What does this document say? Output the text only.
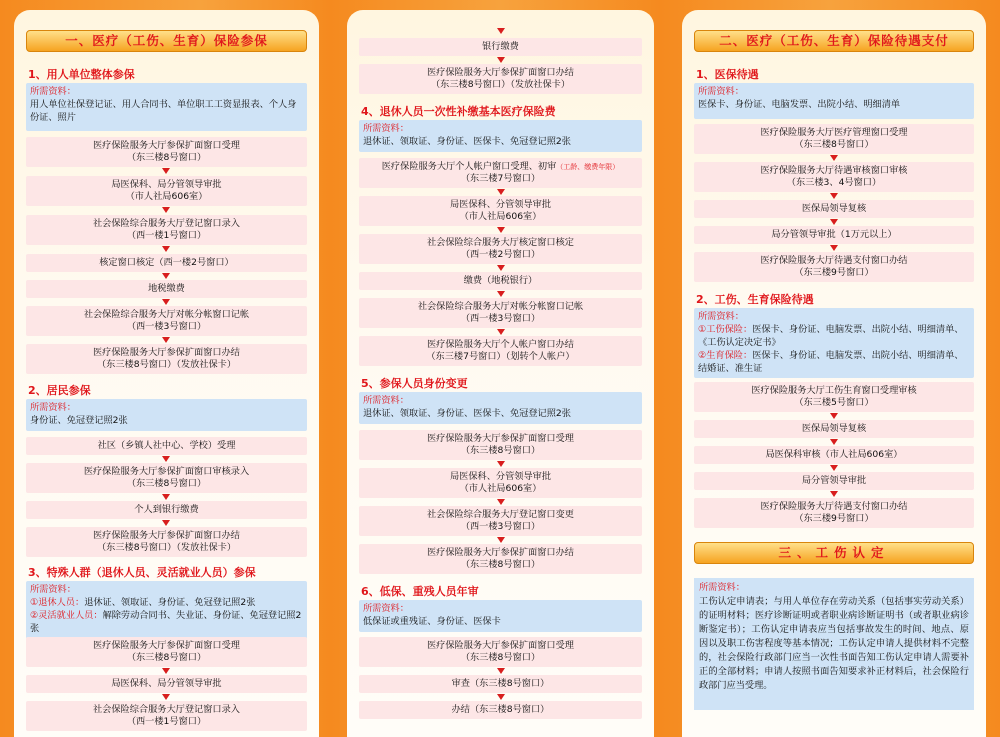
一、医疗（工伤、生育）保险参保
1、用人单位整体参保
所需资料：
用人单位社保登记证、用人合同书、单位职工工资显报表、个人身份证、照片
医疗保险服务大厅参保扩面窗口受理
（东三楼8号窗口）
局医保科、局分管领导审批
（市人社局606室）
社会保险综合服务大厅登记窗口录入
（西一楼1号窗口）
核定窗口核定（西一楼2号窗口）
地税缴费
社会保险综合服务大厅对帐分帐窗口记帐
（西一楼3号窗口）
医疗保险服务大厅参保扩面窗口办结
（东三楼8号窗口）（发放社保卡）
2、居民参保
所需资料：
身份证、免冠登记照2张
社区（乡镇人社中心、学校）受理
医疗保险服务大厅参保扩面窗口审核录入
（东三楼8号窗口）
个人到银行缴费
医疗保险服务大厅参保扩面窗口办结
（东三楼8号窗口）（发放社保卡）
3、特殊人群（退休人员、灵活就业人员）参保
所需资料：
①退休人员：退休证、领取证、身份证、免冠登记照2张
②灵活就业人员：解除劳动合同书、失业证、身份证、免冠登记照2张
医疗保险服务大厅参保扩面窗口受理
（东三楼8号窗口）
局医保科、局分管领导审批
社会保险综合服务大厅登记窗口录入
（西一楼1号窗口）
银行缴费
医疗保险服务大厅参保扩面窗口办结
（东三楼8号窗口）（发放社保卡）
4、退休人员一次性补缴基本医疗保险费
所需资料：
退休证、领取证、身份证、医保卡、免冠登记照2张
医疗保险服务大厅个人帐户窗口受理、初审（工龄、缴费年限）
（东三楼7号窗口）
局医保科、分管领导审批
（市人社局606室）
社会保险综合服务大厅核定窗口核定
（西一楼2号窗口）
缴费（地税银行）
社会保险综合服务大厅对帐分帐窗口记帐
（西一楼3号窗口）
医疗保险服务大厅个人帐户窗口办结
（东三楼7号窗口）（划转个人帐户）
5、参保人员身份变更
所需资料：
退休证、领取证、身份证、医保卡、免冠登记照2张
医疗保险服务大厅参保扩面窗口受理
（东三楼8号窗口）
局医保科、分管领导审批
（市人社局606室）
社会保险综合服务大厅登记窗口变更
（西一楼3号窗口）
医疗保险服务大厅参保扩面窗口办结
（东三楼8号窗口）
6、低保、重残人员年审
所需资料：
低保证或重残证、身份证、医保卡
医疗保险服务大厅参保扩面窗口受理
（东三楼8号窗口）
审查（东三楼8号窗口）
办结（东三楼8号窗口）
二、医疗（工伤、生育）保险待遇支付
1、医保待遇
所需资料：
医保卡、身份证、电脑发票、出院小结、明细清单
医疗保险服务大厅医疗管理窗口受理
（东三楼8号窗口）
医疗保险服务大厅待遇审核窗口审核
（东三楼3、4号窗口）
医保局领导复核
局分管领导审批（1万元以上）
医疗保险服务大厅待遇支付窗口办结
（东三楼9号窗口）
2、工伤、生育保险待遇
所需资料：
①工伤保险：医保卡、身份证、电脑发票、出院小结、明细清单、《工伤认定决定书》
②生育保险：医保卡、身份证、电脑发票、出院小结、明细清单、结婚证、准生证
医疗保险服务大厅工伤生育窗口受理审核
（东三楼5号窗口）
医保局领导复核
局医保科审核（市人社局606室）
局分管领导审批
医疗保险服务大厅待遇支付窗口办结
（东三楼9号窗口）
三、工伤认定
所需资料：
工伤认定申请表；与用人单位存在劳动关系（包括事实劳动关系）的证明材料；医疗诊断证明或者职业病诊断证明书（或者职业病诊断鉴定书）；工伤认定申请表应当包括事故发生的时间、地点、原因以及职工伤害程度等基本情况；工伤认定申请人提供材料不完整的，社会保险行政部门应当一次性书面告知工伤认定申请人需要补正的全部材料；申请人按照书面告知要求补正材料后，社会保险行政部门应当受理。
